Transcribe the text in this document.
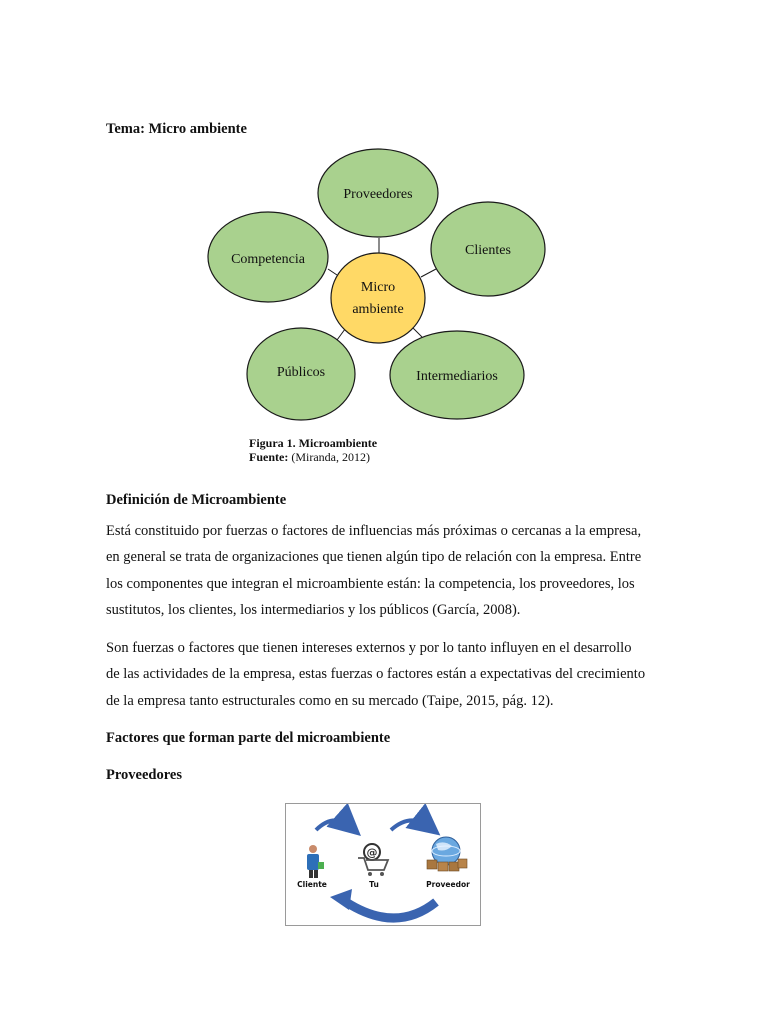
Tema: Micro ambiente

Proveedores
Clientes
Competencia
Públicos	Intermediarios
Micro
ambiente
Figura 1. Microambiente
Fuente: (Miranda, 2012)

Definición de Microambiente

Está constituido por fuerzas o factores de influencias más próximas o cercanas a la empresa,
en general se trata de organizaciones que tienen algún tipo de relación con la empresa. Entre
los componentes que integran el microambiente están: la competencia, los proveedores, los
sustitutos, los clientes, los intermediarios y los públicos (García, 2008).

Son fuerzas o factores que tienen intereses externos y por lo tanto influyen en el desarrollo
de las actividades de la empresa, estas fuerzas o factores están a expectativas del crecimiento
de la empresa tanto estructurales como en su mercado (Taipe, 2015, pág. 12).

Factores que forman parte del microambiente

Proveedores

@
Cliente	Tu	Proveedor
